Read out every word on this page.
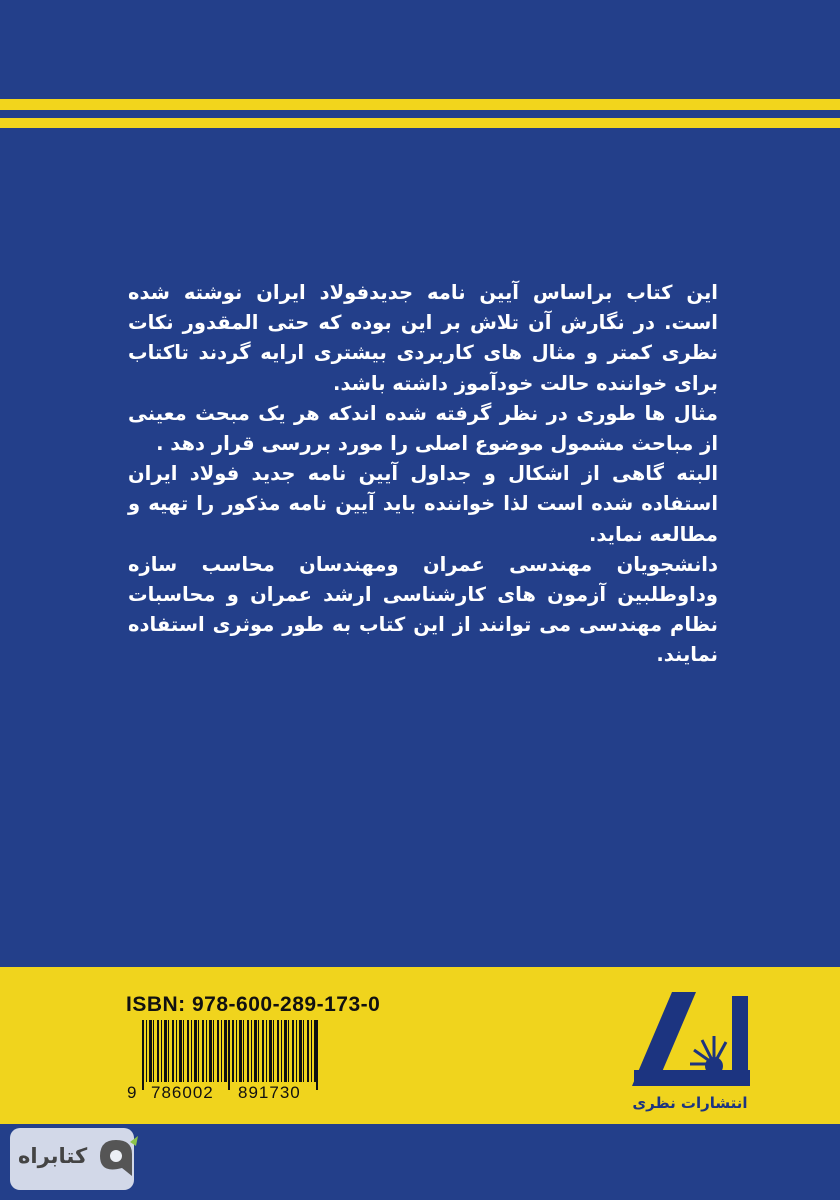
این کتاب براساس آیین نامه جدیدفولاد ایران نوشته شده است. در نگارش آن تلاش بر این بوده که حتی المقدور نکات نظری کمتر و مثال های کاربردی بیشتری ارایه گردند تاکتاب برای خواننده حالت خودآموز داشته باشد.

مثال ها طوری در نظر گرفته شده اندکه هر یک مبحث معینی از مباحث مشمول موضوع اصلی را مورد بررسی قرار دهد .

البته گاهی از اشکال و جداول آیین نامه جدید فولاد ایران استفاده شده است لذا خواننده باید آیین نامه مذکور را تهیه و مطالعه نماید.

دانشجویان مهندسی عمران ومهندسان محاسب سازه وداوطلبین آزمون های کارشناسی ارشد عمران و محاسبات نظام مهندسی می توانند از این کتاب به طور موثری استفاده نمایند.

ISBN: 978-600-289-173-0
9 786002 891730
انتشارات نظری
کتابراه
